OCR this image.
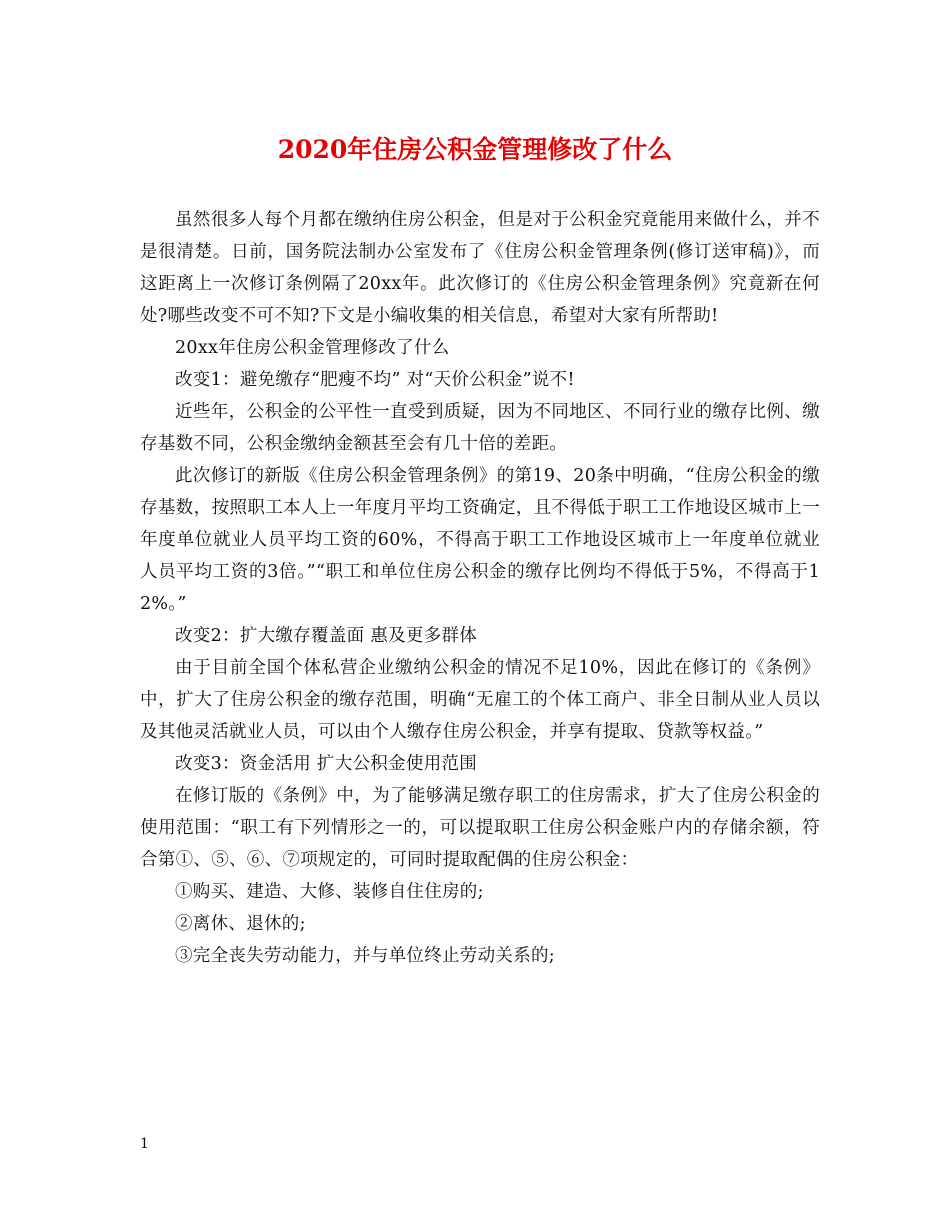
2020年住房公积金管理修改了什么

虽然很多人每个月都在缴纳住房公积金，但是对于公积金究竟能用来做什么，并不是很清楚。日前，国务院法制办公室发布了《住房公积金管理条例(修订送审稿)》，而这距离上一次修订条例隔了20xx年。此次修订的《住房公积金管理条例》究竟新在何处?哪些改变不可不知?下文是小编收集的相关信息，希望对大家有所帮助!

20xx年住房公积金管理修改了什么

改变1：避免缴存“肥瘦不均” 对“天价公积金”说不!

近些年，公积金的公平性一直受到质疑，因为不同地区、不同行业的缴存比例、缴存基数不同，公积金缴纳金额甚至会有几十倍的差距。

此次修订的新版《住房公积金管理条例》的第19、20条中明确，“住房公积金的缴存基数，按照职工本人上一年度月平均工资确定，且不得低于职工工作地设区城市上一年度单位就业人员平均工资的60%，不得高于职工工作地设区城市上一年度单位就业人员平均工资的3倍。”“职工和单位住房公积金的缴存比例均不得低于5%，不得高于12%。”

改变2：扩大缴存覆盖面 惠及更多群体

由于目前全国个体私营企业缴纳公积金的情况不足10%，因此在修订的《条例》中，扩大了住房公积金的缴存范围，明确“无雇工的个体工商户、非全日制从业人员以及其他灵活就业人员，可以由个人缴存住房公积金，并享有提取、贷款等权益。”

改变3：资金活用 扩大公积金使用范围

在修订版的《条例》中，为了能够满足缴存职工的住房需求，扩大了住房公积金的使用范围：“职工有下列情形之一的，可以提取职工住房公积金账户内的存储余额，符合第①、⑤、⑥、⑦项规定的，可同时提取配偶的住房公积金：

①购买、建造、大修、装修自住住房的;

②离休、退休的;

③完全丧失劳动能力，并与单位终止劳动关系的;

1
